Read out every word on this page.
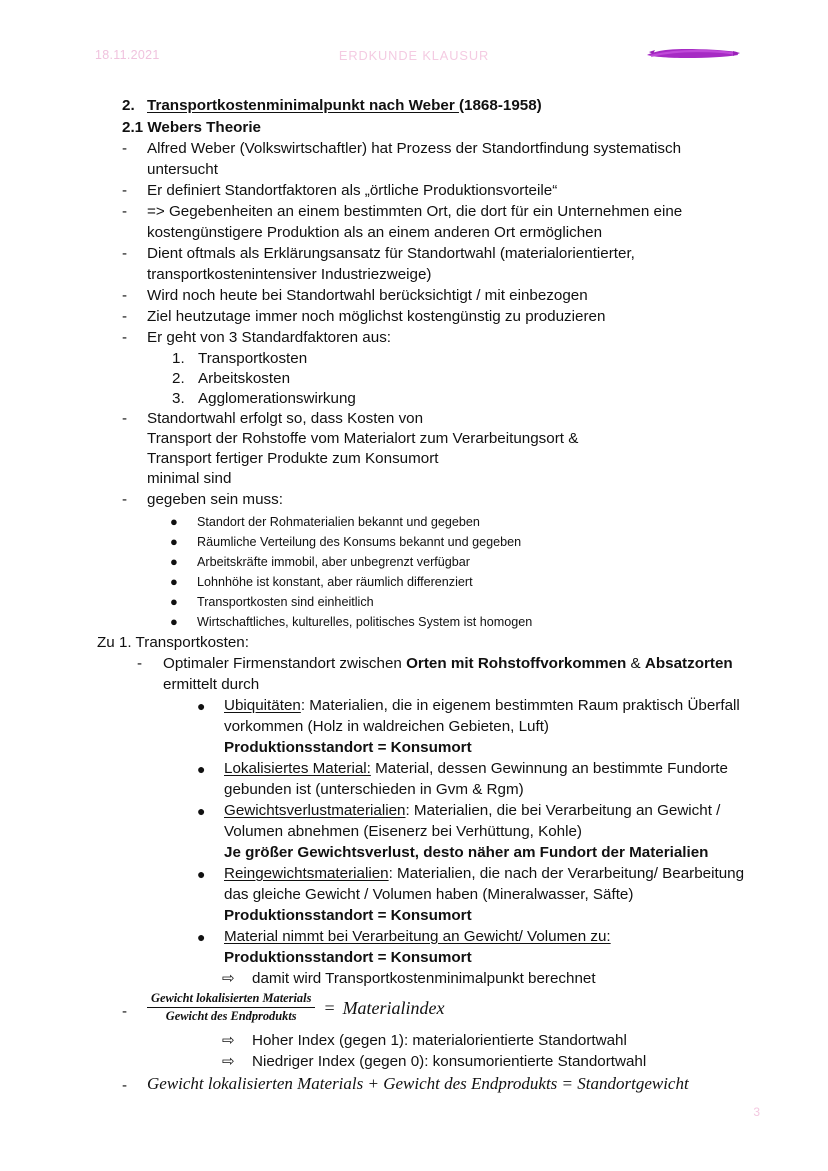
18.11.2021	ERDKUNDE KLAUSUR
2. Transportkostenminimalpunkt nach Weber (1868-1958)
2.1 Webers Theorie
- Alfred Weber (Volkswirtschaftler) hat Prozess der Standortfindung systematisch
untersucht
- Er definiert Standortfaktoren als „örtliche Produktionsvorteile“
- => Gegebenheiten an einem bestimmten Ort, die dort für ein Unternehmen eine
kostengünstigere Produktion als an einem anderen Ort ermöglichen
- Dient oftmals als Erklärungsansatz für Standortwahl (materialorientierter,
transportkostenintensiver Industriezweige)
- Wird noch heute bei Standortwahl berücksichtigt / mit einbezogen
- Ziel heutzutage immer noch möglichst kostengünstig zu produzieren
- Er geht von 3 Standardfaktoren aus:
1. Transportkosten
2. Arbeitskosten
3. Agglomerationswirkung
- Standortwahl erfolgt so, dass Kosten von
Transport der Rohstoffe vom Materialort zum Verarbeitungsort &
Transport fertiger Produkte zum Konsumort
minimal sind
- gegeben sein muss:
● Standort der Rohmaterialien bekannt und gegeben
● Räumliche Verteilung des Konsums bekannt und gegeben
● Arbeitskräfte immobil, aber unbegrenzt verfügbar
● Lohnhöhe ist konstant, aber räumlich differenziert
● Transportkosten sind einheitlich
● Wirtschaftliches, kulturelles, politisches System ist homogen
Zu 1. Transportkosten:
- Optimaler Firmenstandort zwischen Orten mit Rohstoffvorkommen & Absatzorten
ermittelt durch
● Ubiquitäten: Materialien, die in eigenem bestimmten Raum praktisch Überfall
vorkommen (Holz in waldreichen Gebieten, Luft)
Produktionsstandort = Konsumort
● Lokalisiertes Material: Material, dessen Gewinnung an bestimmte Fundorte
gebunden ist (unterschieden in Gvm & Rgm)
● Gewichtsverlustmaterialien: Materialien, die bei Verarbeitung an Gewicht /
Volumen abnehmen (Eisenerz bei Verhüttung, Kohle)
Je größer Gewichtsverlust, desto näher am Fundort der Materialien
● Reingewichtsmaterialien: Materialien, die nach der Verarbeitung/ Bearbeitung
das gleiche Gewicht / Volumen haben (Mineralwasser, Säfte)
Produktionsstandort = Konsumort
● Material nimmt bei Verarbeitung an Gewicht/ Volumen zu:
Produktionsstandort = Konsumort
⇨ damit wird Transportkostenminimalpunkt berechnet
- $\frac{\text{Gewicht lokalisierten Materials}}{\text{Gewicht des Endprodukts}}$ = Materialindex
⇨ Hoher Index (gegen 1): materialorientierte Standortwahl
⇨ Niedriger Index (gegen 0): konsumorientierte Standortwahl
- Gewicht lokalisierten Materials + Gewicht des Endprodukts = Standortgewicht
3
